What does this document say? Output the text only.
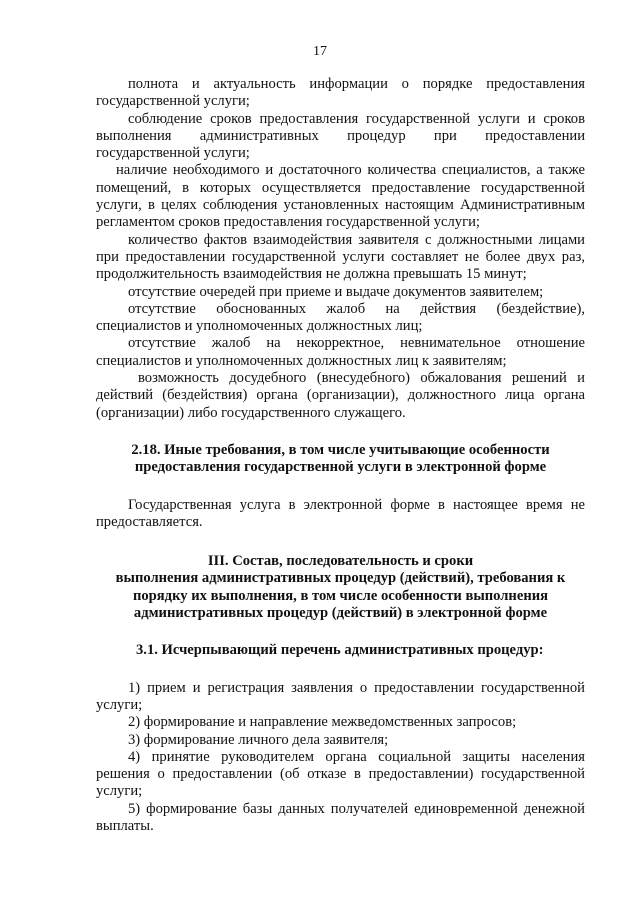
17

полнота и актуальность информации о порядке предоставления государственной услуги;

соблюдение сроков предоставления государственной услуги и сроков выполнения административных процедур при предоставлении государственной услуги;

наличие необходимого и достаточного количества специалистов, а также помещений, в которых осуществляется предоставление государственной услуги, в целях соблюдения установленных настоящим Административным регламентом сроков предоставления государственной услуги;

количество фактов взаимодействия заявителя с должностными лицами при предоставлении государственной услуги составляет не более двух раз, продолжительность взаимодействия не должна превышать 15 минут;

отсутствие очередей при приеме и выдаче документов заявителем;

отсутствие обоснованных жалоб на действия (бездействие), специалистов и уполномоченных должностных лиц;

отсутствие жалоб на некорректное, невнимательное отношение специалистов и уполномоченных должностных лиц к заявителям;

возможность досудебного (внесудебного) обжалования решений и действий (бездействия) органа (организации), должностного лица органа (организации) либо государственного служащего.

2.18. Иные требования, в том числе учитывающие особенности предоставления государственной услуги в электронной форме

Государственная услуга в электронной форме в настоящее время не предоставляется.

III. Состав, последовательность и сроки
выполнения административных процедур (действий), требования к
порядку их выполнения, в том числе особенности выполнения
административных процедур (действий) в электронной форме

3.1. Исчерпывающий перечень административных процедур:

1) прием и регистрация заявления о предоставлении государственной услуги;

2) формирование и направление межведомственных запросов;

3) формирование личного дела заявителя;

4) принятие руководителем органа социальной защиты населения решения о предоставлении (об отказе в предоставлении) государственной услуги;

5) формирование базы данных получателей единовременной денежной выплаты.
